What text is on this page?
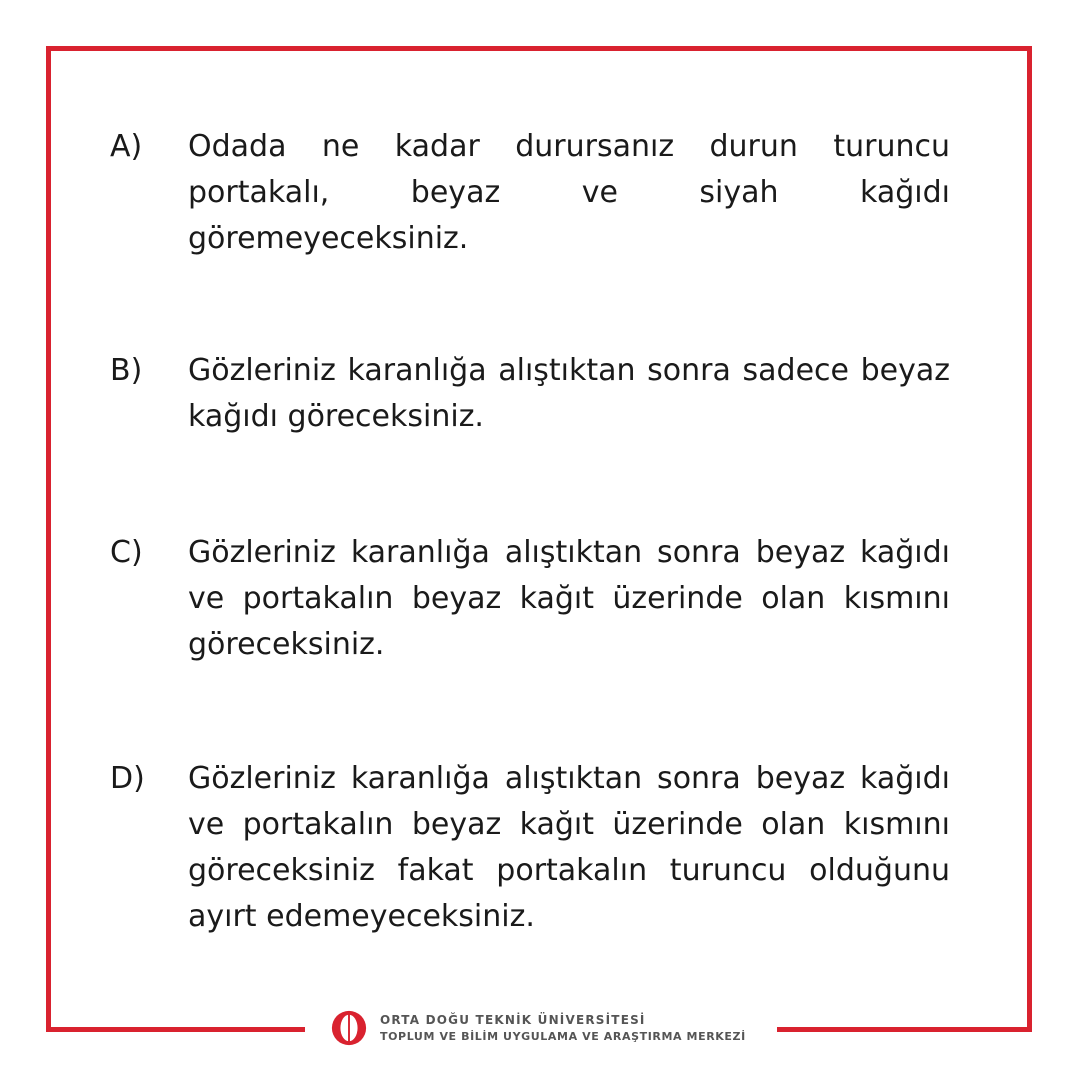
A)	Odada ne kadar durursanız durun turuncu portakalı, beyaz ve siyah kağıdı göremeyeceksiniz.
B)	Gözleriniz karanlığa alıştıktan sonra sadece beyaz kağıdı göreceksiniz.
C)	Gözleriniz karanlığa alıştıktan sonra beyaz kağıdı ve portakalın beyaz kağıt üzerinde olan kısmını göreceksiniz.
D)	Gözleriniz karanlığa alıştıktan sonra beyaz kağıdı ve portakalın beyaz kağıt üzerinde olan kısmını göreceksiniz fakat portakalın turuncu olduğunu ayırt edemeyeceksiniz.
ORTA DOĞU TEKNİK ÜNİVERSİTESİ
TOPLUM VE BİLİM UYGULAMA VE ARAŞTIRMA MERKEZİ
